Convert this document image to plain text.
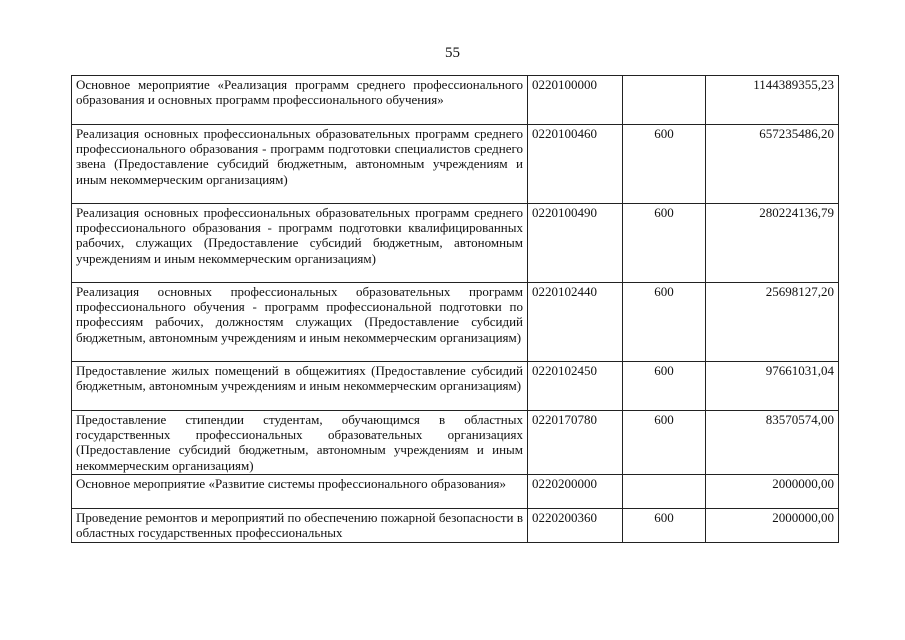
55
Основное мероприятие «Реализация программ среднего профессионального образования и основных программ профессионального обучения»	0220100000		1144389355,23
Реализация основных профессиональных образовательных программ среднего профессионального образования - программ подготовки специалистов среднего звена (Предоставление субсидий бюджетным, автономным учреждениям и иным некоммерческим организациям)	0220100460	600	657235486,20
Реализация основных профессиональных образовательных программ среднего профессионального образования - программ подготовки квалифицированных рабочих, служащих (Предоставление субсидий бюджетным, автономным учреждениям и иным некоммерческим организациям)	0220100490	600	280224136,79
Реализация основных профессиональных образовательных программ профессионального обучения - программ профессиональной подготовки по профессиям рабочих, должностям служащих (Предоставление субсидий бюджетным, автономным учреждениям и иным некоммерческим организациям)	0220102440	600	25698127,20
Предоставление жилых помещений в общежитиях (Предоставление субсидий бюджетным, автономным учреждениям и иным некоммерческим организациям)	0220102450	600	97661031,04
Предоставление стипендии студентам, обучающимся в областных государственных профессиональных образовательных организациях (Предоставление субсидий бюджетным, автономным учреждениям и иным некоммерческим организациям)	0220170780	600	83570574,00
Основное мероприятие «Развитие системы профессионального образования»	0220200000		2000000,00
Проведение ремонтов и мероприятий по обеспечению пожарной безопасности в областных государственных профессиональных	0220200360	600	2000000,00
